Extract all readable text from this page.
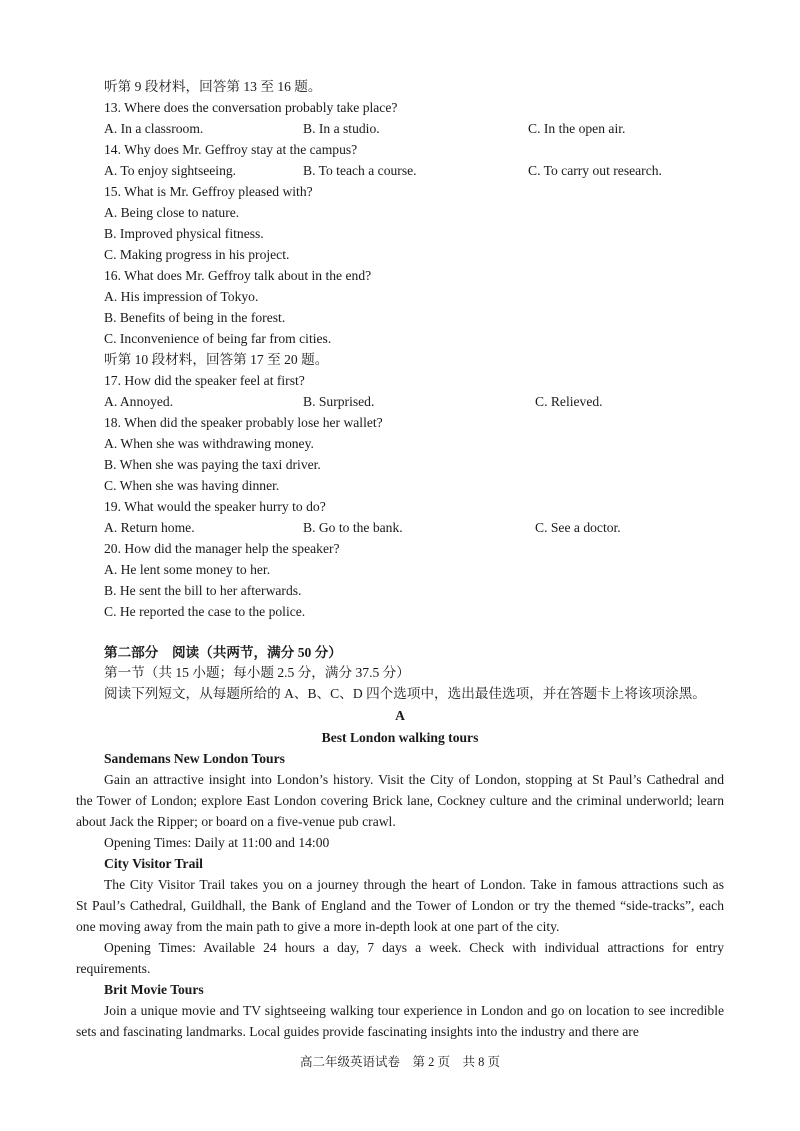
听第 9 段材料，回答第 13 至 16 题。
13. Where does the conversation probably take place?
A. In a classroom.	B. In a studio.	C. In the open air.
14. Why does Mr. Geffroy stay at the campus?
A. To enjoy sightseeing.	B. To teach a course.	C. To carry out research.
15. What is Mr. Geffroy pleased with?
A. Being close to nature.
B. Improved physical fitness.
C. Making progress in his project.
16. What does Mr. Geffroy talk about in the end?
A. His impression of Tokyo.
B. Benefits of being in the forest.
C. Inconvenience of being far from cities.
听第 10 段材料，回答第 17 至 20 题。
17. How did the speaker feel at first?
A. Annoyed.	B. Surprised.	C. Relieved.
18. When did the speaker probably lose her wallet?
A. When she was withdrawing money.
B. When she was paying the taxi driver.
C. When she was having dinner.
19. What would the speaker hurry to do?
A. Return home.	B. Go to the bank.	C. See a doctor.
20. How did the manager help the speaker?
A. He lent some money to her.
B. He sent the bill to her afterwards.
C. He reported the case to the police.
第二部分　阅读（共两节，满分 50 分）
第一节（共 15 小题；每小题 2.5 分，满分 37.5 分）
阅读下列短文，从每题所给的 A、B、C、D 四个选项中，选出最佳选项，并在答题卡上将该项涂黑。
A
Best London walking tours
Sandemans New London Tours
Gain an attractive insight into London’s history. Visit the City of London, stopping at St Paul’s Cathedral and
the Tower of London; explore East London covering Brick lane, Cockney culture and the criminal underworld; learn
about Jack the Ripper; or board on a five-venue pub crawl.
Opening Times: Daily at 11:00 and 14:00
City Visitor Trail
The City Visitor Trail takes you on a journey through the heart of London. Take in famous attractions such as
St Paul’s Cathedral, Guildhall, the Bank of England and the Tower of London or try the themed “side-tracks”, each
one moving away from the main path to give a more in-depth look at one part of the city.
Opening Times: Available 24 hours a day, 7 days a week. Check with individual attractions for entry
requirements.
Brit Movie Tours
Join a unique movie and TV sightseeing walking tour experience in London and go on location to see incredible
sets and fascinating landmarks. Local guides provide fascinating insights into the industry and there are
高二年级英语试卷　第 2 页　共 8 页
